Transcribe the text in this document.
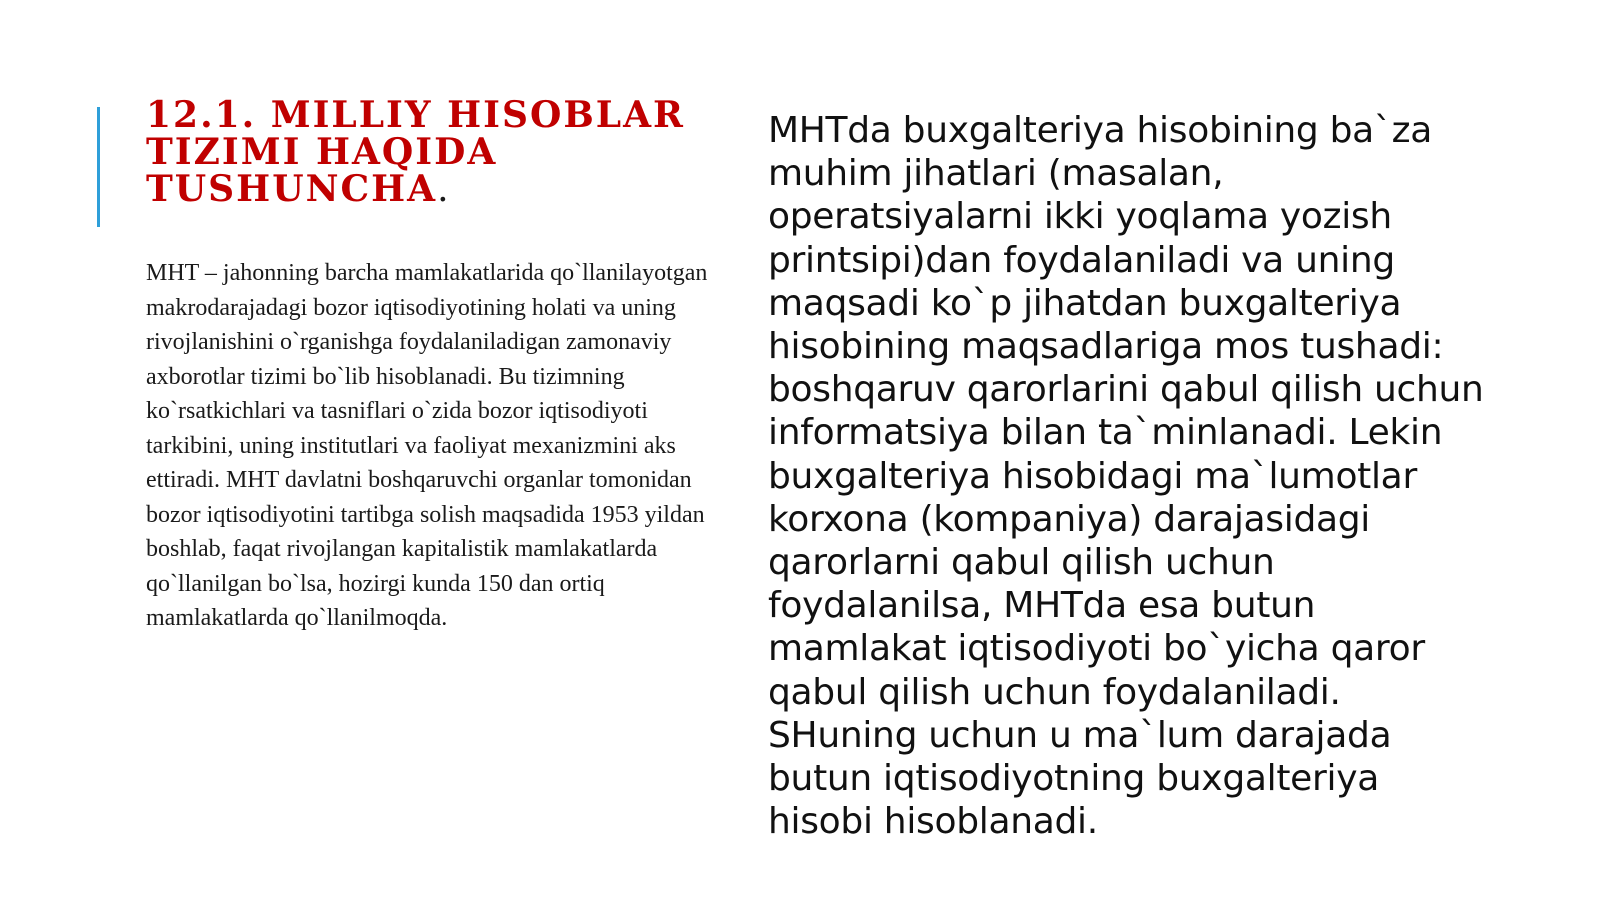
12.1. MILLIY HISOBLAR TIZIMI HAQIDA TUSHUNCHA.

MHT – jahonning barcha mamlakatlarida qo`llanilayotgan makrodarajadagi bozor iqtisodiyotining holati va uning rivojlanishini o`rganishga foydalaniladigan zamonaviy axborotlar tizimi bo`lib hisoblanadi. Bu tizimning ko`rsatkichlari va tasniflari o`zida bozor iqtisodiyoti tarkibini, uning institutlari va faoliyat mexanizmini aks ettiradi. MHT davlatni boshqaruvchi organlar tomonidan bozor iqtisodiyotini tartibga solish maqsadida 1953 yildan boshlab, faqat rivojlangan kapitalistik mamlakatlarda qo`llanilgan bo`lsa, hozirgi kunda 150 dan ortiq mamlakatlarda qo`llanilmoqda.

MHTda buxgalteriya hisobining ba`za muhim jihatlari (masalan, operatsiyalarni ikki yoqlama yozish printsipi)dan foydalaniladi va uning maqsadi ko`p jihatdan buxgalteriya hisobining maqsadlariga mos tushadi: boshqaruv qarorlarini qabul qilish uchun informatsiya bilan ta`minlanadi. Lekin buxgalteriya hisobidagi ma`lumotlar korxona (kompaniya) darajasidagi qarorlarni qabul qilish uchun foydalanilsa, MHTda esa butun mamlakat iqtisodiyoti bo`yicha qaror qabul qilish uchun foydalaniladi. SHuning uchun u ma`lum darajada butun iqtisodiyotning buxgalteriya hisobi hisoblanadi.
